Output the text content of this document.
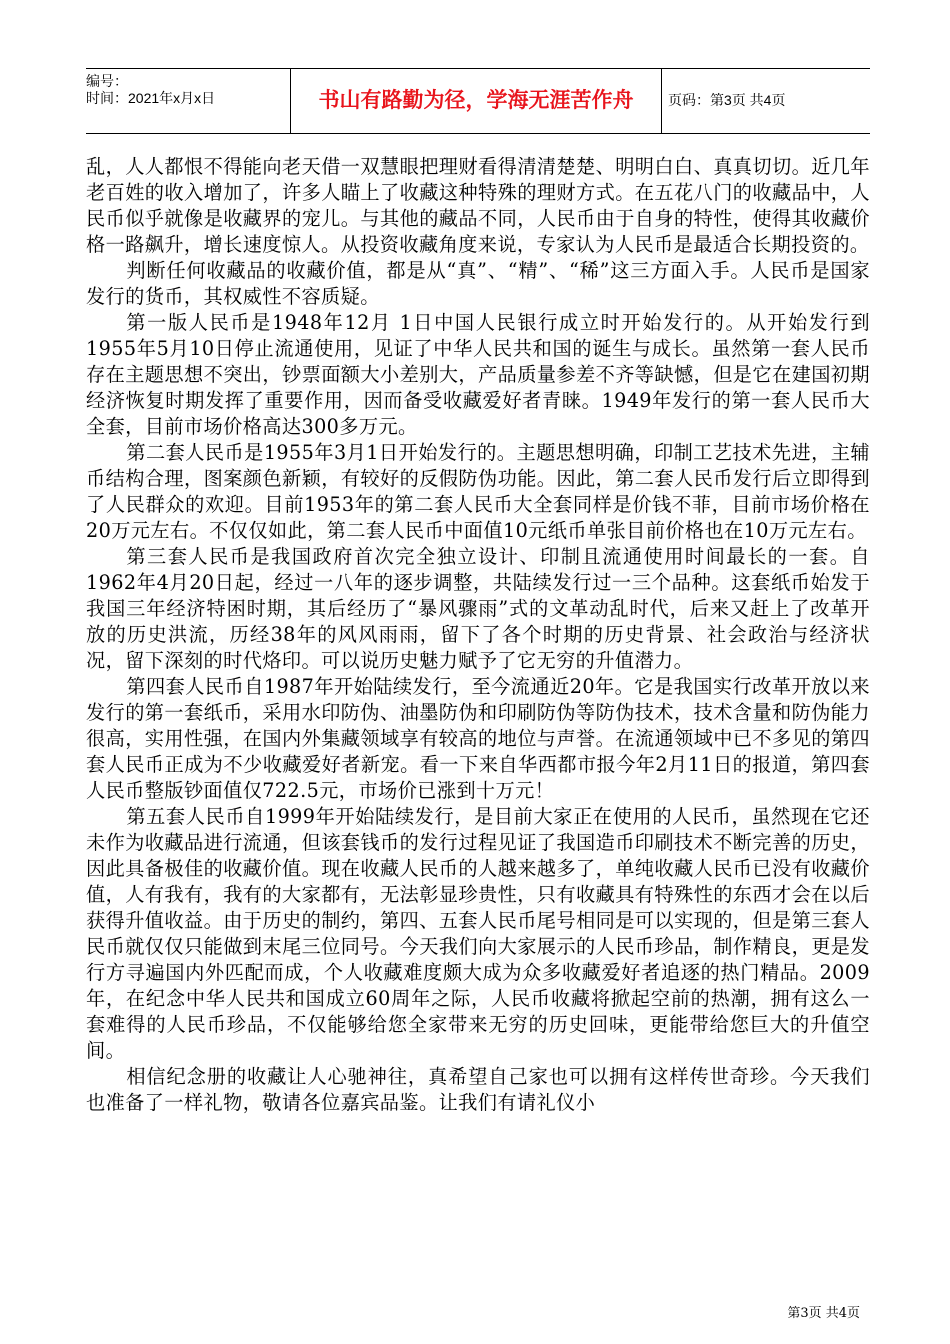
编号：
时间：2021年x月x日	书山有路勤为径，学海无涯苦作舟	页码：第3页 共4页

乱，人人都恨不得能向老天借一双慧眼把理财看得清清楚楚、明明白白、真真切切。近几年老百姓的收入增加了，许多人瞄上了收藏这种特殊的理财方式。在五花八门的收藏品中，人民币似乎就像是收藏界的宠儿。与其他的藏品不同，人民币由于自身的特性，使得其收藏价格一路飙升，增长速度惊人。从投资收藏角度来说，专家认为人民币是最适合长期投资的。

判断任何收藏品的收藏价值，都是从“真”、“精”、“稀”这三方面入手。人民币是国家发行的货币，其权威性不容质疑。

第一版人民币是1948年12月 1日中国人民银行成立时开始发行的。从开始发行到1955年5月10日停止流通使用，见证了中华人民共和国的诞生与成长。虽然第一套人民币存在主题思想不突出，钞票面额大小差别大，产品质量参差不齐等缺憾，但是它在建国初期经济恢复时期发挥了重要作用，因而备受收藏爱好者青睐。1949年发行的第一套人民币大全套，目前市场价格高达300多万元。

第二套人民币是1955年3月1日开始发行的。主题思想明确，印制工艺技术先进，主辅币结构合理，图案颜色新颖，有较好的反假防伪功能。因此，第二套人民币发行后立即得到了人民群众的欢迎。目前1953年的第二套人民币大全套同样是价钱不菲，目前市场价格在20万元左右。不仅仅如此，第二套人民币中面值10元纸币单张目前价格也在10万元左右。

第三套人民币是我国政府首次完全独立设计、印制且流通使用时间最长的一套。自1962年4月20日起，经过一八年的逐步调整，共陆续发行过一三个品种。这套纸币始发于我国三年经济特困时期，其后经历了“暴风骤雨”式的文革动乱时代，后来又赶上了改革开放的历史洪流，历经38年的风风雨雨，留下了各个时期的历史背景、社会政治与经济状况，留下深刻的时代烙印。可以说历史魅力赋予了它无穷的升值潜力。

第四套人民币自1987年开始陆续发行，至今流通近20年。它是我国实行改革开放以来发行的第一套纸币，采用水印防伪、油墨防伪和印刷防伪等防伪技术，技术含量和防伪能力很高，实用性强，在国内外集藏领域享有较高的地位与声誉。在流通领域中已不多见的第四套人民币正成为不少收藏爱好者新宠。看一下来自华西都市报今年2月11日的报道，第四套人民币整版钞面值仅722.5元，市场价已涨到十万元！

第五套人民币自1999年开始陆续发行，是目前大家正在使用的人民币，虽然现在它还未作为收藏品进行流通，但该套钱币的发行过程见证了我国造币印刷技术不断完善的历史，因此具备极佳的收藏价值。现在收藏人民币的人越来越多了，单纯收藏人民币已没有收藏价值，人有我有，我有的大家都有，无法彰显珍贵性，只有收藏具有特殊性的东西才会在以后获得升值收益。由于历史的制约，第四、五套人民币尾号相同是可以实现的，但是第三套人民币就仅仅只能做到末尾三位同号。今天我们向大家展示的人民币珍品，制作精良，更是发行方寻遍国内外匹配而成，个人收藏难度颇大成为众多收藏爱好者追逐的热门精品。2009年，在纪念中华人民共和国成立60周年之际，人民币收藏将掀起空前的热潮，拥有这么一套难得的人民币珍品，不仅能够给您全家带来无穷的历史回味，更能带给您巨大的升值空间。

相信纪念册的收藏让人心驰神往，真希望自己家也可以拥有这样传世奇珍。今天我们也准备了一样礼物，敬请各位嘉宾品鉴。让我们有请礼仪小

第3页 共4页
